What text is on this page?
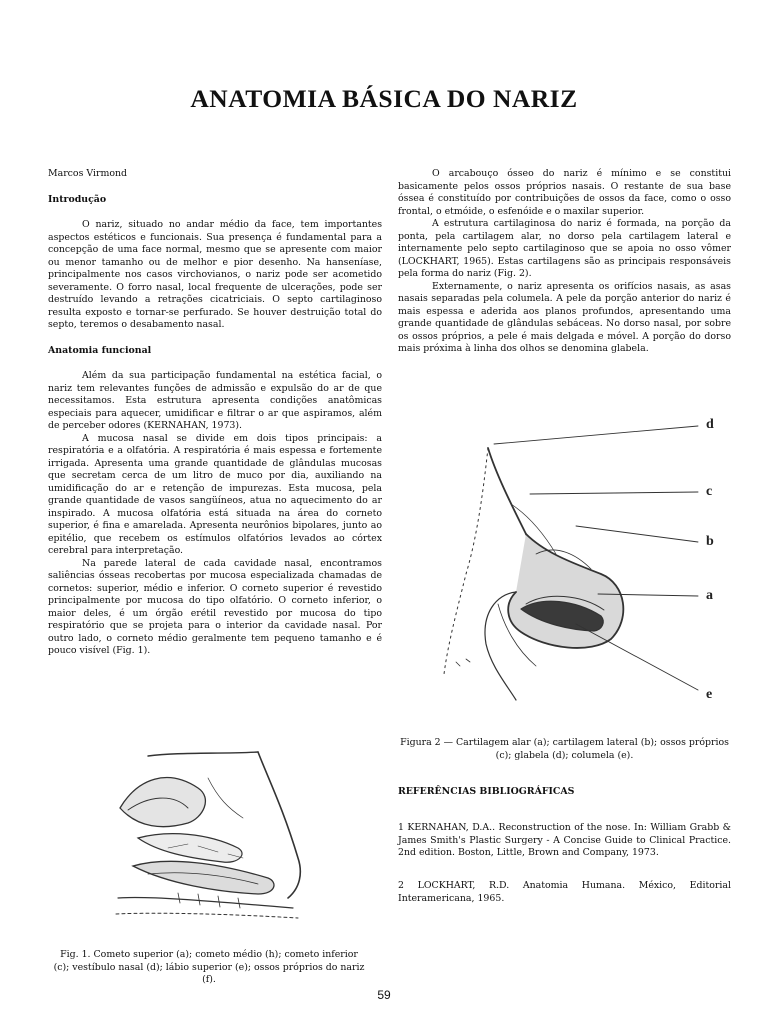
ANATOMIA BÁSICA DO NARIZ

Marcos Virmond

Introdução

O nariz, situado no andar médio da face, tem importantes aspectos estéticos e funcionais. Sua presença é fundamental para a concepção de uma face normal, mesmo que se apresente com maior ou menor tamanho ou de melhor e pior desenho. Na hanseníase, principalmente nos casos virchovianos, o nariz pode ser acometido severamente. O forro nasal, local frequente de ulcerações, pode ser destruído levando a retrações cicatriciais. O septo cartilaginoso resulta exposto e tornar-se perfurado. Se houver destruição total do septo, teremos o desabamento nasal.

Anatomia funcional

Além da sua participação fundamental na estética facial, o nariz tem relevantes funções de admissão e expulsão do ar de que necessitamos. Esta estrutura apresenta condições anatômicas especiais para aquecer, umidificar e filtrar o ar que aspiramos, além de perceber odores (KERNAHAN, 1973).

A mucosa nasal se divide em dois tipos principais: a respiratória e a olfatória. A respiratória é mais espessa e fortemente irrigada. Apresenta uma grande quantidade de glândulas mucosas que secretam cerca de um litro de muco por dia, auxiliando na umidificação do ar e retenção de impurezas. Esta mucosa, pela grande quantidade de vasos sangüíneos, atua no aquecimento do ar inspirado. A mucosa olfatória está situada na área do corneto superior, é fina e amarelada. Apresenta neurônios bipolares, junto ao epitélio, que recebem os estímulos olfatórios levados ao córtex cerebral para interpretação.

Na parede lateral de cada cavidade nasal, encontramos saliências ósseas recobertas por mucosa especializada chamadas de cornetos: superior, médio e inferior. O corneto superior é revestido principalmente por mucosa do tipo olfatório. O corneto inferior, o maior deles, é um órgão erétil revestido por mucosa do tipo respiratório que se projeta para o interior da cavidade nasal. Por outro lado, o corneto médio geralmente tem pequeno tamanho e é pouco visível (Fig. 1).

O arcabouço ósseo do nariz é mínimo e se constitui basicamente pelos ossos próprios nasais. O restante de sua base óssea é constituído por contribuições de ossos da face, como o osso frontal, o etmóide, o esfenóide e o maxilar superior.

A estrutura cartilaginosa do nariz é formada, na porção da ponta, pela cartilagem alar, no dorso pela cartilagem lateral e internamente pelo septo cartilaginoso que se apoia no osso vômer (LOCKHART, 1965). Estas cartilagens são as principais responsáveis pela forma do nariz (Fig. 2).

Externamente, o nariz apresenta os orifícios nasais, as asas nasais separadas pela columela. A pele da porção anterior do nariz é mais espessa e aderida aos planos profundos, apresentando uma grande quantidade de glândulas sebáceas. No dorso nasal, por sobre os ossos próprios, a pele é mais delgada e móvel. A porção do dorso mais próxima à linha dos olhos se denomina glabela.

Fig. 1. Cometo superior (a); cometo médio (h); cometo inferior (c); vestíbulo nasal (d); lábio superior (e); ossos próprios do nariz (f).

d
c
b
a
e

Figura 2 — Cartilagem alar (a); cartilagem lateral (b); ossos próprios (c); glabela (d); columela (e).

REFERÊNCIAS BIBLIOGRÁFICAS

1 KERNAHAN, D.A.. Reconstruction of the nose. In: William Grabb & James Smith's Plastic Surgery - A Concise Guide to Clinical Practice. 2nd edition. Boston, Little, Brown and Company, 1973.

2 LOCKHART, R.D. Anatomia Humana. México, Editorial Interamericana, 1965.

59
